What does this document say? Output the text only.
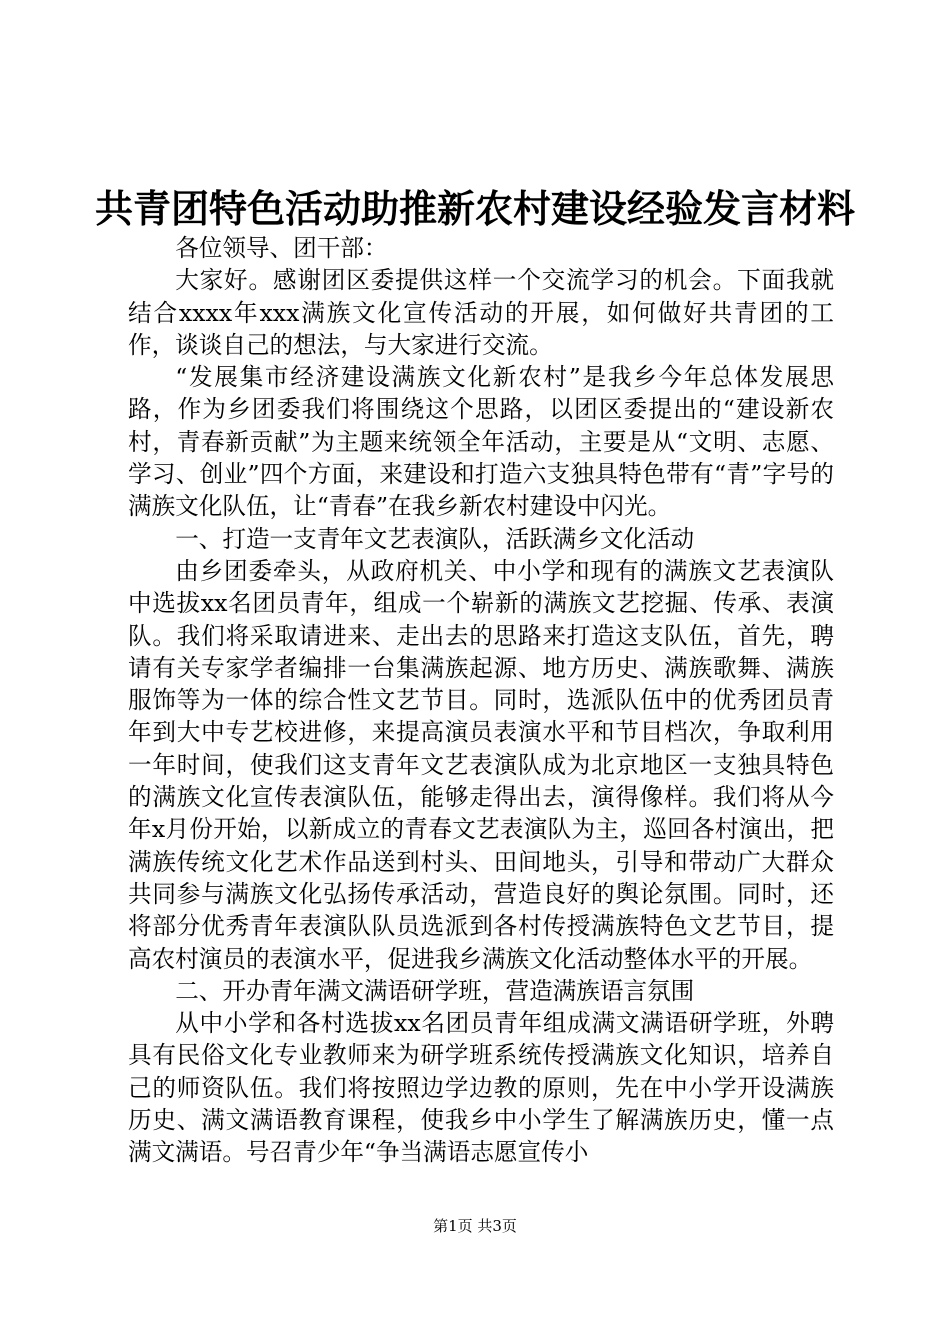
共青团特色活动助推新农村建设经验发言材料

各位领导、团干部：

大家好。感谢团区委提供这样一个交流学习的机会。下面我就结合xxxx年xxx满族文化宣传活动的开展，如何做好共青团的工作，谈谈自己的想法，与大家进行交流。

“发展集市经济建设满族文化新农村”是我乡今年总体发展思路，作为乡团委我们将围绕这个思路，以团区委提出的“建设新农村，青春新贡献”为主题来统领全年活动，主要是从“文明、志愿、学习、创业”四个方面，来建设和打造六支独具特色带有“青”字号的满族文化队伍，让“青春”在我乡新农村建设中闪光。

一、打造一支青年文艺表演队，活跃满乡文化活动

由乡团委牵头，从政府机关、中小学和现有的满族文艺表演队中选拔xx名团员青年，组成一个崭新的满族文艺挖掘、传承、表演队。我们将采取请进来、走出去的思路来打造这支队伍，首先，聘请有关专家学者编排一台集满族起源、地方历史、满族歌舞、满族服饰等为一体的综合性文艺节目。同时，选派队伍中的优秀团员青年到大中专艺校进修，来提高演员表演水平和节目档次，争取利用一年时间，使我们这支青年文艺表演队成为北京地区一支独具特色的满族文化宣传表演队伍，能够走得出去，演得像样。我们将从今年x月份开始，以新成立的青春文艺表演队为主，巡回各村演出，把满族传统文化艺术作品送到村头、田间地头，引导和带动广大群众共同参与满族文化弘扬传承活动，营造良好的舆论氛围。同时，还将部分优秀青年表演队队员选派到各村传授满族特色文艺节目，提高农村演员的表演水平，促进我乡满族文化活动整体水平的开展。

二、开办青年满文满语研学班，营造满族语言氛围

从中小学和各村选拔xx名团员青年组成满文满语研学班，外聘具有民俗文化专业教师来为研学班系统传授满族文化知识，培养自己的师资队伍。我们将按照边学边教的原则，先在中小学开设满族历史、满文满语教育课程，使我乡中小学生了解满族历史，懂一点满文满语。号召青少年“争当满语志愿宣传小

第1页 共3页
